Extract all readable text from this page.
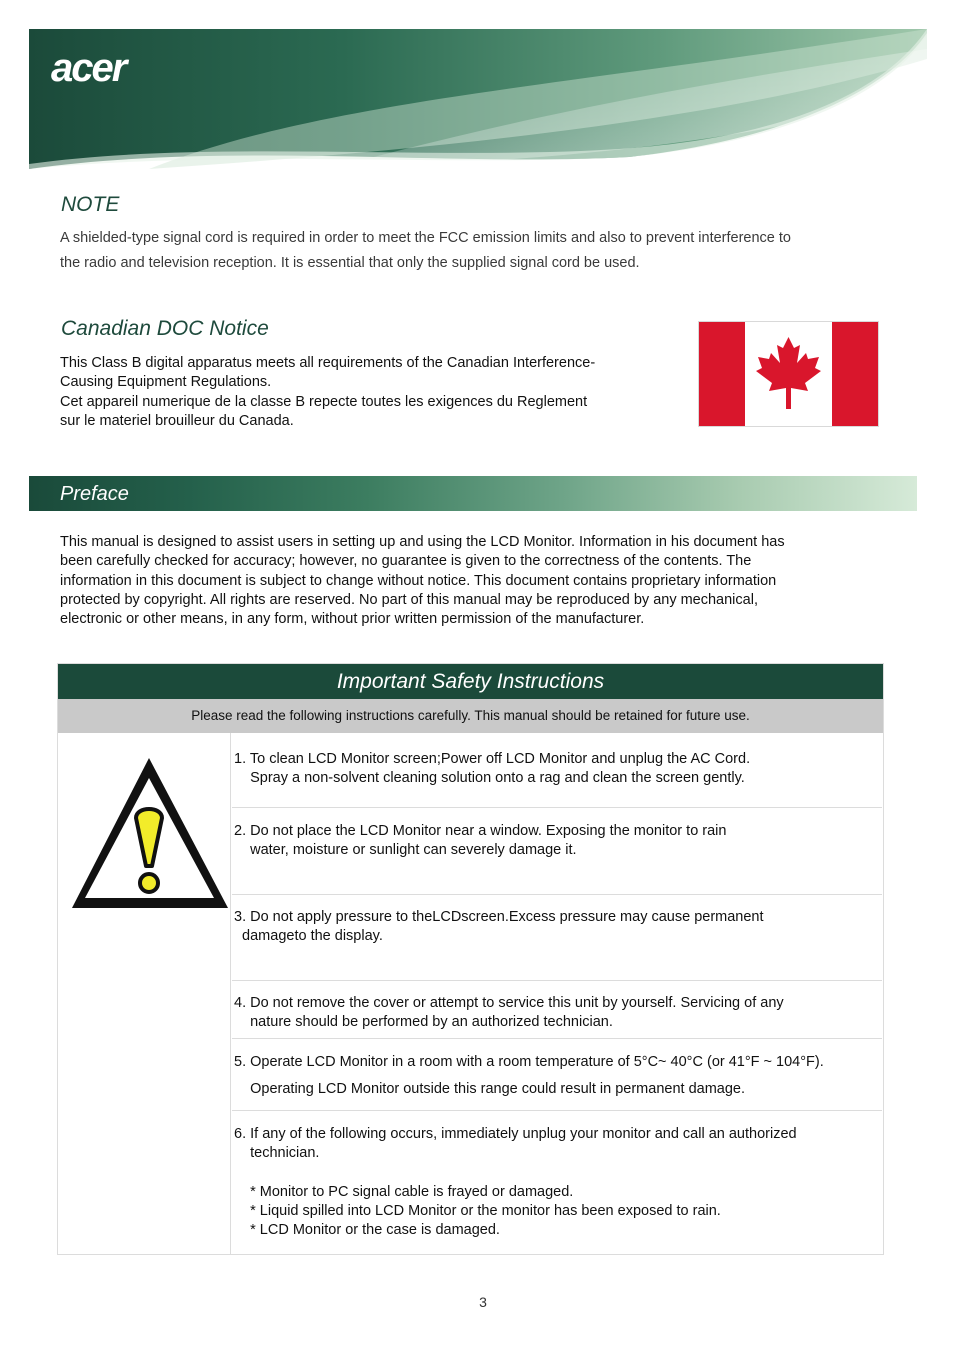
acer
NOTE
A shielded-type signal cord is required in order to meet the FCC emission limits and also to prevent interference to
the radio and television reception. It is essential that only the supplied signal cord be used.
Canadian DOC Notice
This Class B digital apparatus meets all requirements of the Canadian Interference-
Causing Equipment Regulations.
Cet appareil numerique de la classe B repecte toutes les exigences du Reglement
sur le materiel brouilleur du Canada.
Preface
This manual is designed to assist users in setting up and using the LCD Monitor. Information in his document has
been carefully checked for accuracy; however, no guarantee is given to the correctness of the contents. The
information in this document is subject to change without notice. This document contains proprietary information
protected by copyright. All rights are reserved. No part of this manual may be reproduced by any mechanical,
electronic or other means, in any form, without prior written permission of the manufacturer.
Important Safety Instructions
Please read the following instructions carefully. This manual should be retained for future use.
1. To clean LCD Monitor screen;Power off LCD Monitor and unplug the AC Cord.
Spray a non-solvent cleaning solution onto a rag and clean the screen gently.
2. Do not place the LCD Monitor near a window. Exposing the monitor to rain
water, moisture or sunlight can severely damage it.
3. Do not apply pressure to theLCDscreen.Excess pressure may cause permanent
damageto the display.
4. Do not remove the cover or attempt to service this unit by yourself. Servicing of any
nature should be performed by an authorized technician.
5. Operate LCD Monitor in a room with a room temperature of 5°C~ 40°C (or 41°F ~ 104°F).
Operating LCD Monitor outside this range could result in permanent damage.
6. If any of the following occurs, immediately unplug your monitor and call an authorized
technician.
* Monitor to PC signal cable is frayed or damaged.
* Liquid spilled into LCD Monitor or the monitor has been exposed to rain.
* LCD Monitor or the case is damaged.
3
